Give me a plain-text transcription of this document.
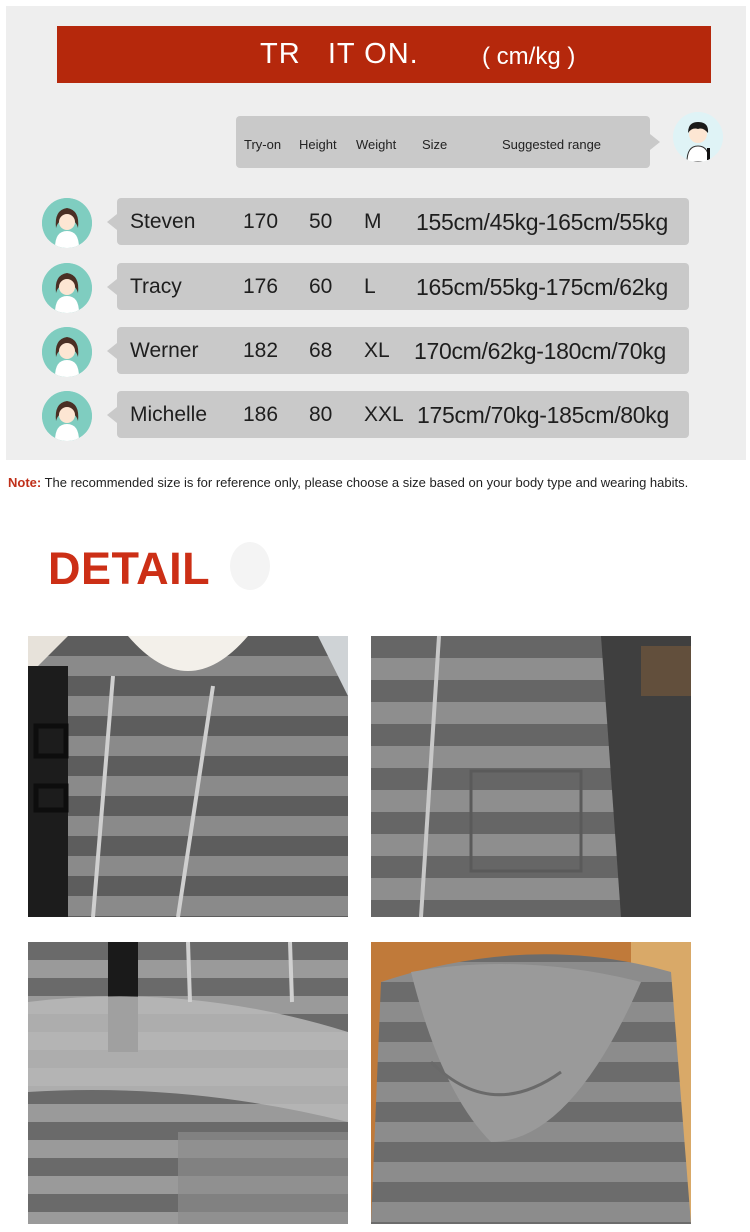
TR   IT ON.	( cm/kg )
Try-on Height Weight Size	Suggested range
Steven 170 50 M 155cm/45kg-165cm/55kg
Tracy	176 60 L 165cm/55kg-175cm/62kg
Werner 182 68 XL 170cm/62kg-180cm/70kg
Michelle 186 80 XXL 175cm/70kg-185cm/80kg
Note: The recommended size is for reference only, please choose a size based on your body type and wearing habits.
DETAIL
